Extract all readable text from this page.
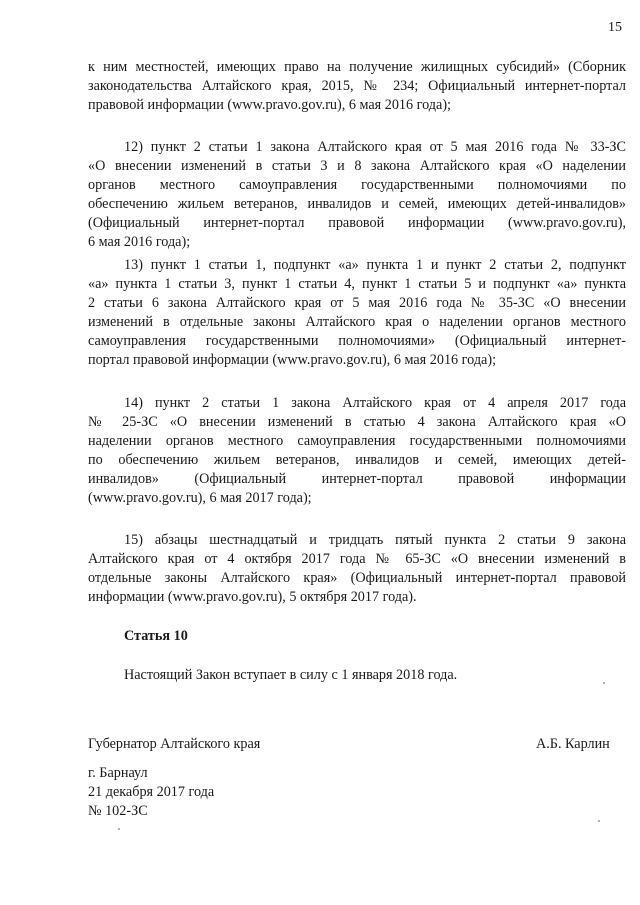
15
к ним местностей, имеющих право на получение жилищных субсидий» (Сборник
законодательства Алтайского края, 2015, № 234; Официальный интернет-портал
правовой информации (www.pravo.gov.ru), 6 мая 2016 года);
12) пункт 2 статьи 1 закона Алтайского края от 5 мая 2016 года № 33-ЗС
«О внесении изменений в статьи 3 и 8 закона Алтайского края «О наделении
органов местного самоуправления государственными полномочиями по
обеспечению жильем ветеранов, инвалидов и семей, имеющих детей-инвалидов»
(Официальный интернет-портал правовой информации (www.pravo.gov.ru),
6 мая 2016 года);
13) пункт 1 статьи 1, подпункт «а» пункта 1 и пункт 2 статьи 2, подпункт
«а» пункта 1 статьи 3, пункт 1 статьи 4, пункт 1 статьи 5 и подпункт «а» пункта
2 статьи 6 закона Алтайского края от 5 мая 2016 года № 35-ЗС «О внесении
изменений в отдельные законы Алтайского края о наделении органов местного
самоуправления государственными полномочиями» (Официальный интернет-
портал правовой информации (www.pravo.gov.ru), 6 мая 2016 года);
14) пункт 2 статьи 1 закона Алтайского края от 4 апреля 2017 года
№ 25-ЗС «О внесении изменений в статью 4 закона Алтайского края «О
наделении органов местного самоуправления государственными полномочиями
по обеспечению жильем ветеранов, инвалидов и семей, имеющих детей-
инвалидов» (Официальный интернет-портал правовой информации
(www.pravo.gov.ru), 6 мая 2017 года);
15) абзацы шестнадцатый и тридцать пятый пункта 2 статьи 9 закона
Алтайского края от 4 октября 2017 года № 65-ЗС «О внесении изменений в
отдельные законы Алтайского края» (Официальный интернет-портал правовой
информации (www.pravo.gov.ru), 5 октября 2017 года).
Статья 10
Настоящий Закон вступает в силу с 1 января 2018 года.
Губернатор Алтайского края	А.Б. Карлин
г. Барнаул
21 декабря 2017 года
№ 102-ЗС
